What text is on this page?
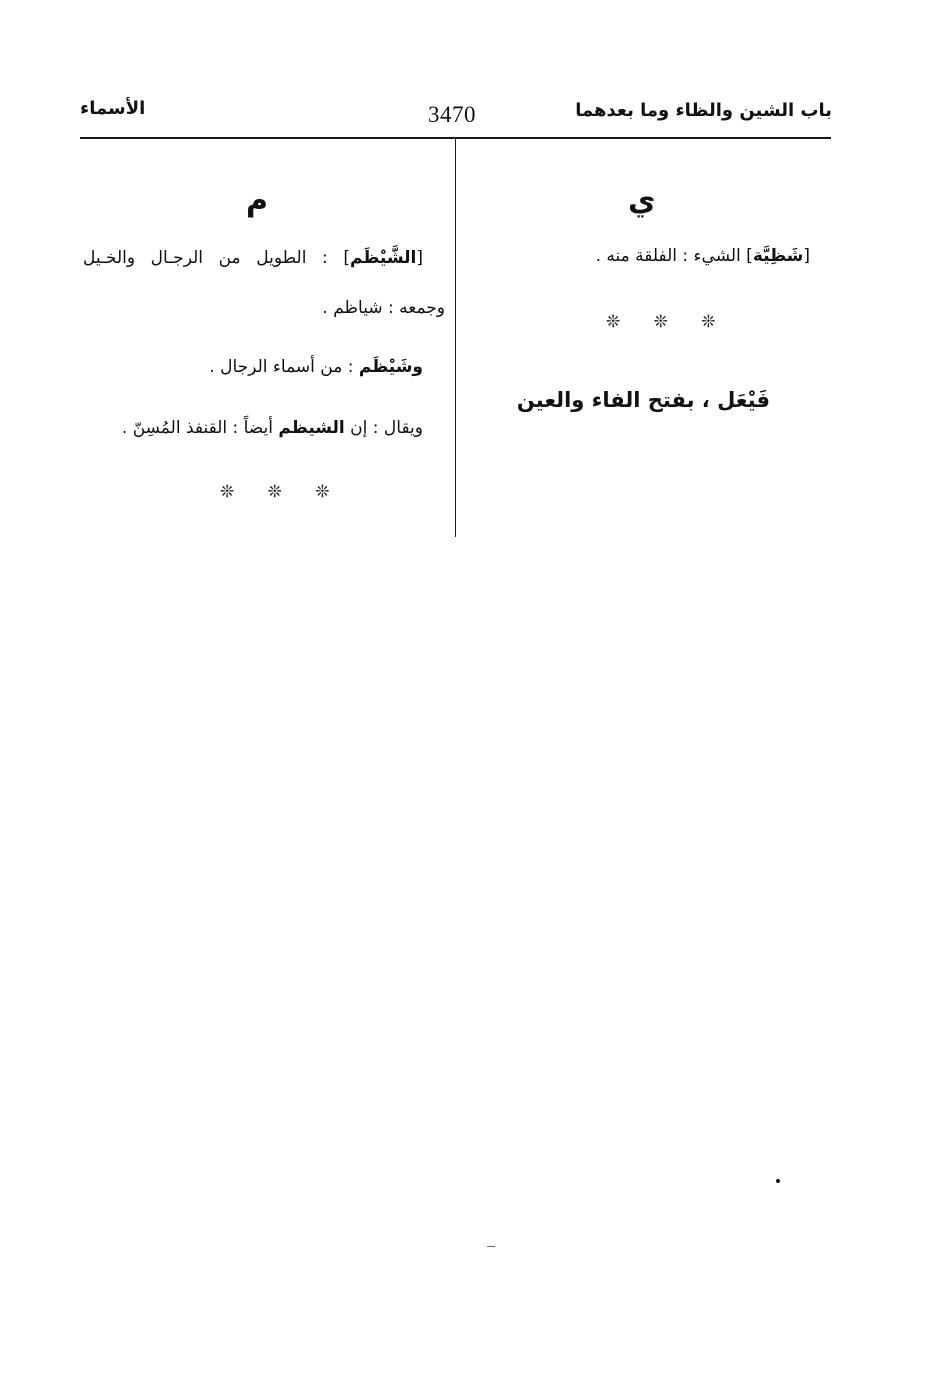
باب الشين والظاء وما بعدهما
3470
الأسماء
ي
[شَظِيَّة] الشيء : الفلقة منه .
❊ ❊ ❊
فَيْعَل ، بفتح الفاء والعين
م
[الشَّيْظَم] : الطويل من الرجـال والخـيل
وجمعه : شياظم .
وشَيْظَم : من أسماء الرجال .
ويقال : إن الشيظم أيضاً : القنفذ المُسِنّ .
❊ ❊ ❊
